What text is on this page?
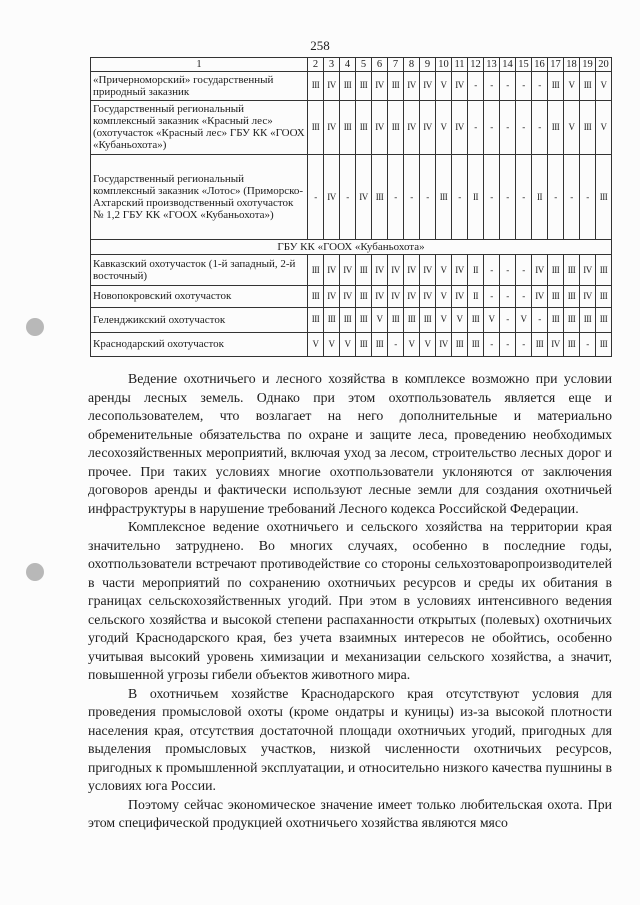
258
1	2	3	4	5	6	7	8	9	10	11	12	13	14	15	16	17	18	19	20
«Причерноморский» государственный природный заказник	III	IV	III	III	IV	III	IV	IV	V	IV	-	-	-	-	-	III	V	III	V
Государственный региональный комплексный заказник «Красный лес» (охотучасток «Красный лес» ГБУ КК «ГООХ «Кубаньохота»)	III	IV	III	III	IV	III	IV	IV	V	IV	-	-	-	-	-	III	V	III	V
Государственный региональный комплексный заказник «Лотос» (Приморско-Ахтарский производственный охотучасток № 1,2 ГБУ КК «ГООХ «Кубаньохота»)	-	IV	-	IV	III	-	-	-	III	-	II	-	-	-	II	-	-	-	III
ГБУ КК «ГООХ «Кубаньохота»																			
Кавказский охотучасток (1-й западный, 2-й восточный)	III	IV	IV	III	IV	IV	IV	IV	V	IV	II	-	-	-	IV	III	III	IV	III
Новопокровский охотучасток	III	IV	IV	III	IV	IV	IV	IV	V	IV	II	-	-	-	IV	III	III	IV	III
Геленджикский охотучасток	III	III	III	III	V	III	III	III	V	V	III	V	-	V	-	III	III	III	III
Краснодарский охотучасток	V	V	V	III	III	-	V	V	IV	III	III	-	-	-	III	IV	III	-	III

Ведение охотничьего и лесного хозяйства в комплексе возможно при условии аренды лесных земель. Однако при этом охотпользователь является еще и лесопользователем, что возлагает на него дополнительные и материально обременительные обязательства по охране и защите леса, проведению необходимых лесохозяйственных мероприятий, включая уход за лесом, строительство лесных дорог и прочее. При таких условиях многие охотпользователи уклоняются от заключения договоров аренды и фактически используют лесные земли для создания охотничьей инфраструктуры в нарушение требований Лесного кодекса Российской Федерации.

Комплексное ведение охотничьего и сельского хозяйства на территории края значительно затруднено. Во многих случаях, особенно в последние годы, охотпользователи встречают противодействие со стороны сельхозтоваропроизводителей в части мероприятий по сохранению охотничьих ресурсов и среды их обитания в границах сельскохозяйственных угодий. При этом в условиях интенсивного ведения сельского хозяйства и высокой степени распаханности открытых (полевых) охотничьих угодий Краснодарского края, без учета взаимных интересов не обойтись, особенно учитывая высокий уровень химизации и механизации сельского хозяйства, а значит, повышенной угрозы гибели объектов животного мира.

В охотничьем хозяйстве Краснодарского края отсутствуют условия для проведения промысловой охоты (кроме ондатры и куницы) из-за высокой плотности населения края, отсутствия достаточной площади охотничьих угодий, пригодных для выделения промысловых участков, низкой численности охотничьих ресурсов, пригодных к промышленной эксплуатации, и относительно низкого качества пушнины в условиях юга России.

Поэтому сейчас экономическое значение имеет только любительская охота. При этом специфической продукцией охотничьего хозяйства являются мясо
